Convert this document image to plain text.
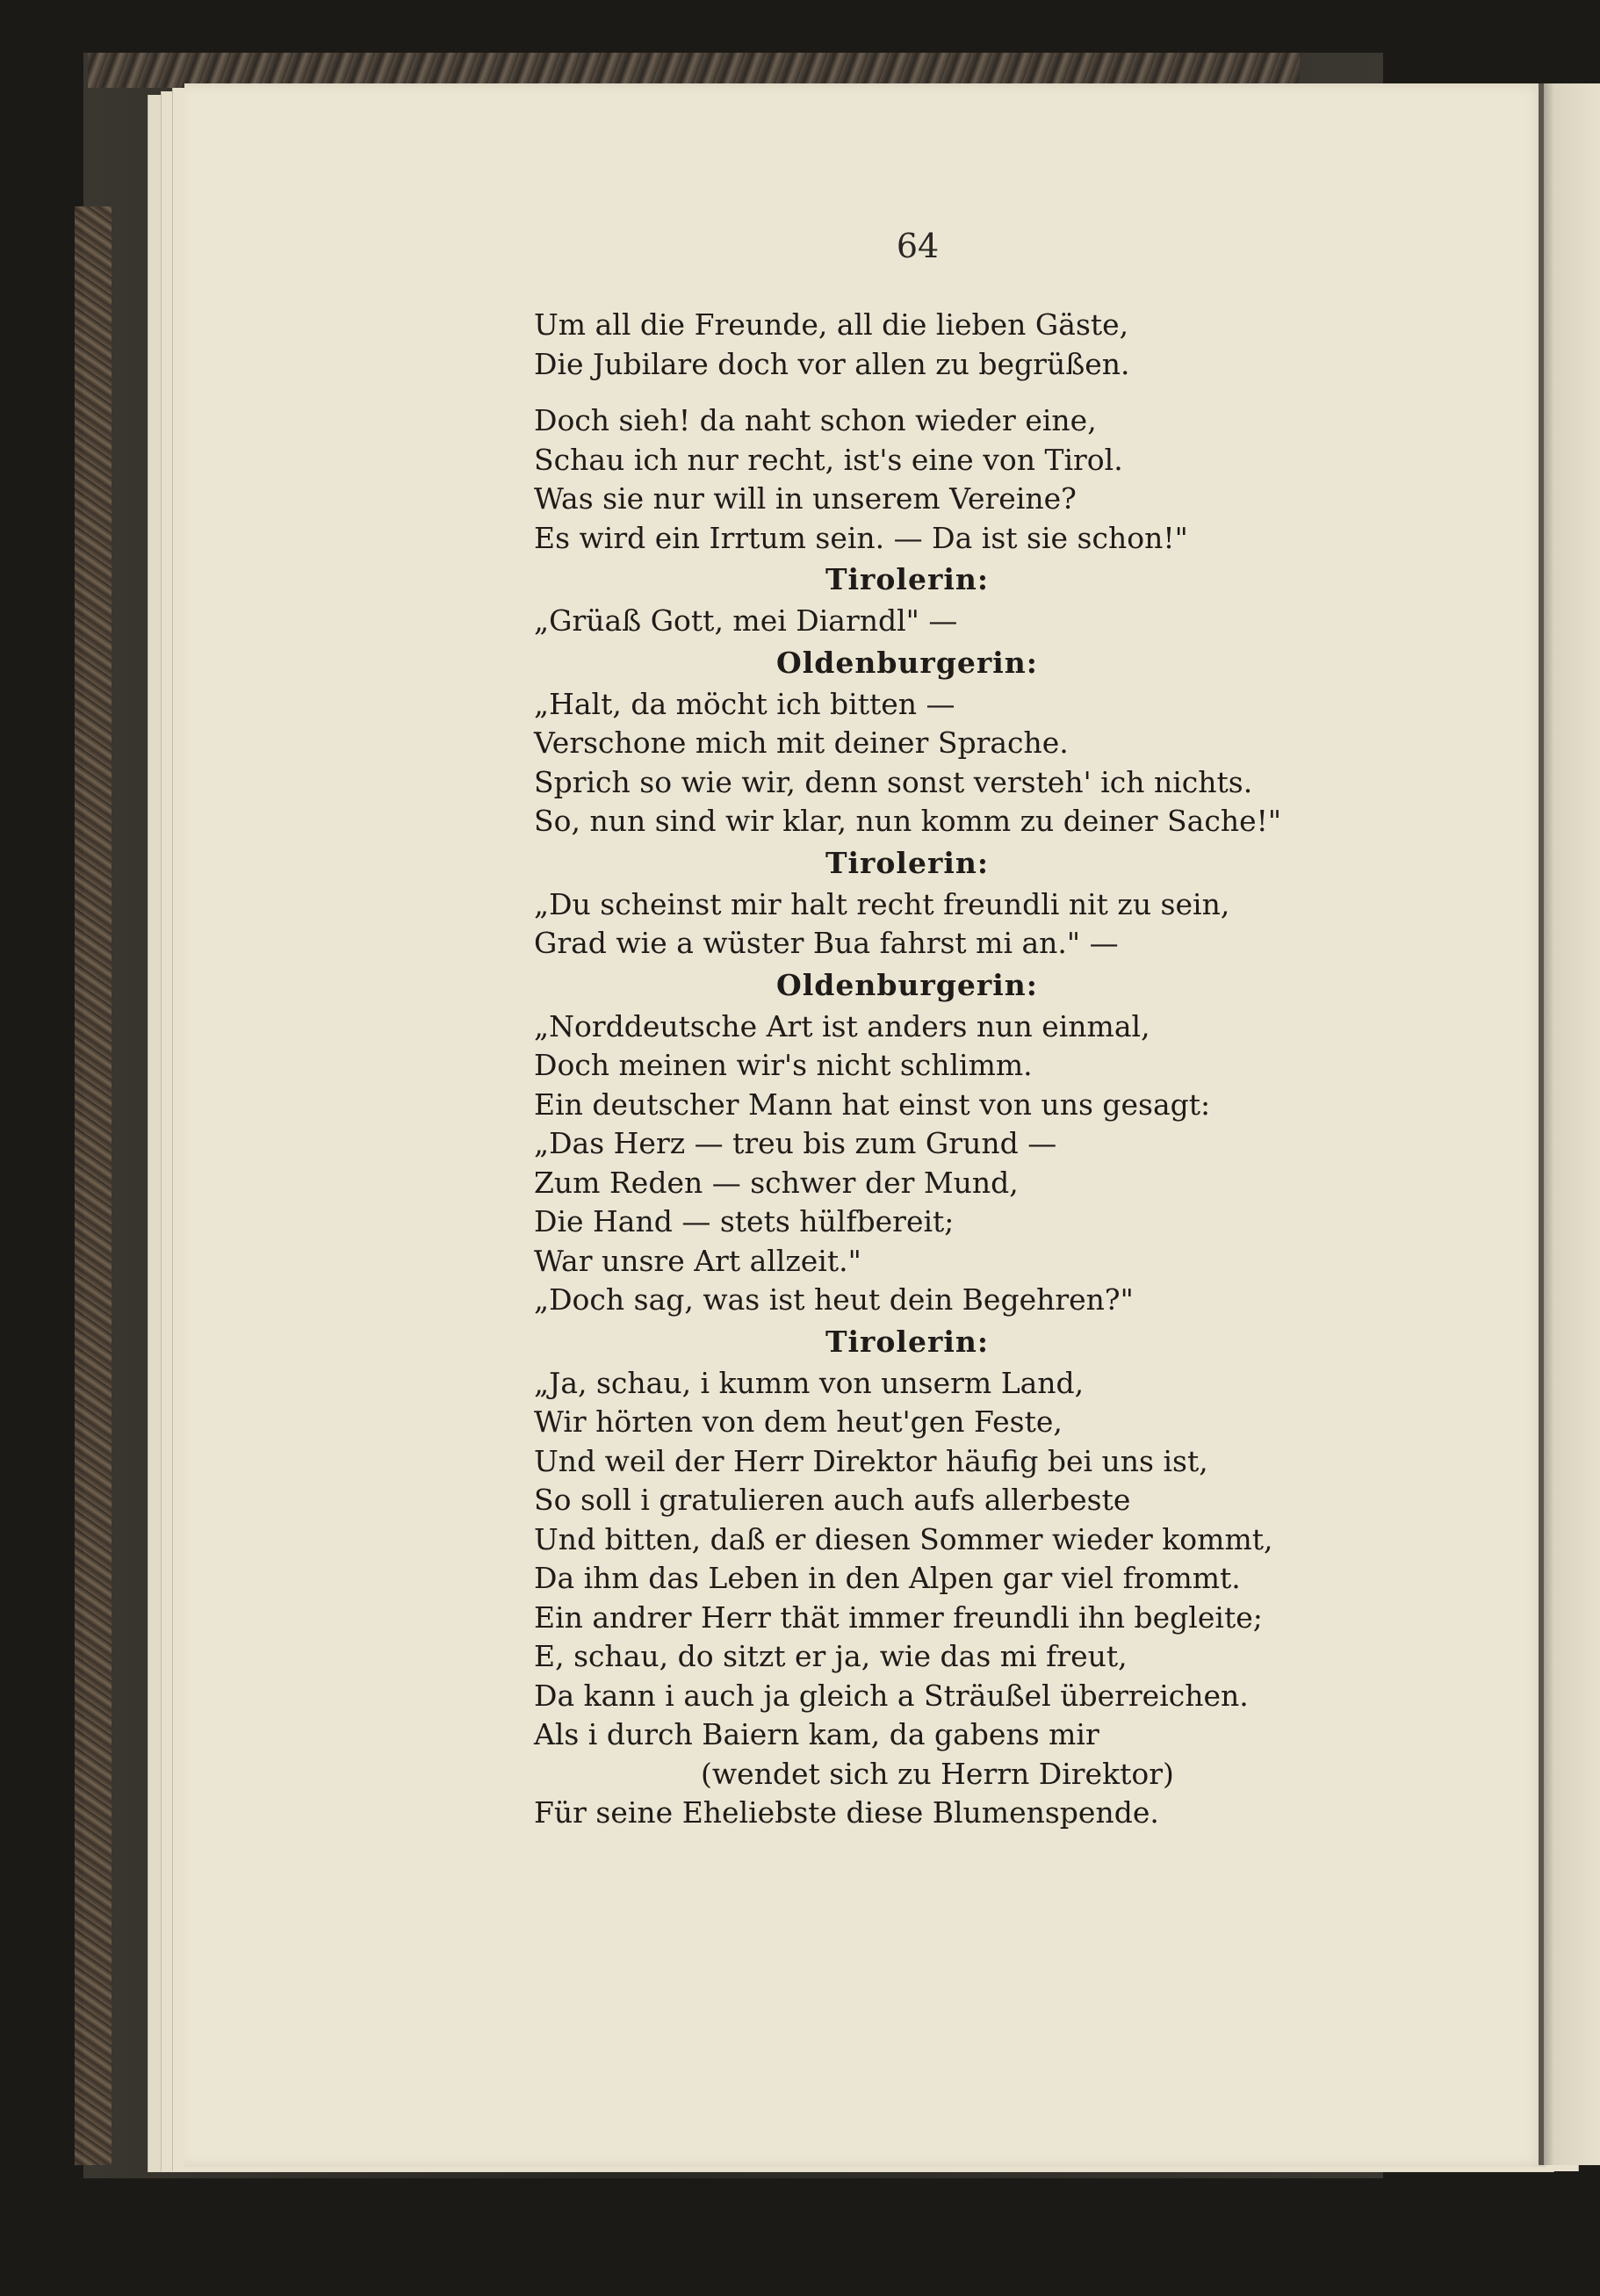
64
Um all die Freunde, all die lieben Gäste,
Die Jubilare doch vor allen zu begrüßen.
Doch sieh! da naht schon wieder eine,
Schau ich nur recht, ist's eine von Tirol.
Was sie nur will in unserem Vereine?
Es wird ein Irrtum sein. — Da ist sie schon!"
Tirolerin:
„Grüaß Gott, mei Diarndl" —
Oldenburgerin:
„Halt, da möcht ich bitten —
Verschone mich mit deiner Sprache.
Sprich so wie wir, denn sonst versteh' ich nichts.
So, nun sind wir klar, nun komm zu deiner Sache!"
Tirolerin:
„Du scheinst mir halt recht freundli nit zu sein,
Grad wie a wüster Bua fahrst mi an." —
Oldenburgerin:
„Norddeutsche Art ist anders nun einmal,
Doch meinen wir's nicht schlimm.
Ein deutscher Mann hat einst von uns gesagt:
„Das Herz — treu bis zum Grund —
Zum Reden — schwer der Mund,
Die Hand — stets hülfbereit;
War unsre Art allzeit."
„Doch sag, was ist heut dein Begehren?"
Tirolerin:
„Ja, schau, i kumm von unserm Land,
Wir hörten von dem heut'gen Feste,
Und weil der Herr Direktor häufig bei uns ist,
So soll i gratulieren auch aufs allerbeste
Und bitten, daß er diesen Sommer wieder kommt,
Da ihm das Leben in den Alpen gar viel frommt.
Ein andrer Herr thät immer freundli ihn begleite;
E, schau, do sitzt er ja, wie das mi freut,
Da kann i auch ja gleich a Sträußel überreichen.
Als i durch Baiern kam, da gabens mir
(wendet sich zu Herrn Direktor)
Für seine Eheliebste diese Blumenspende.
